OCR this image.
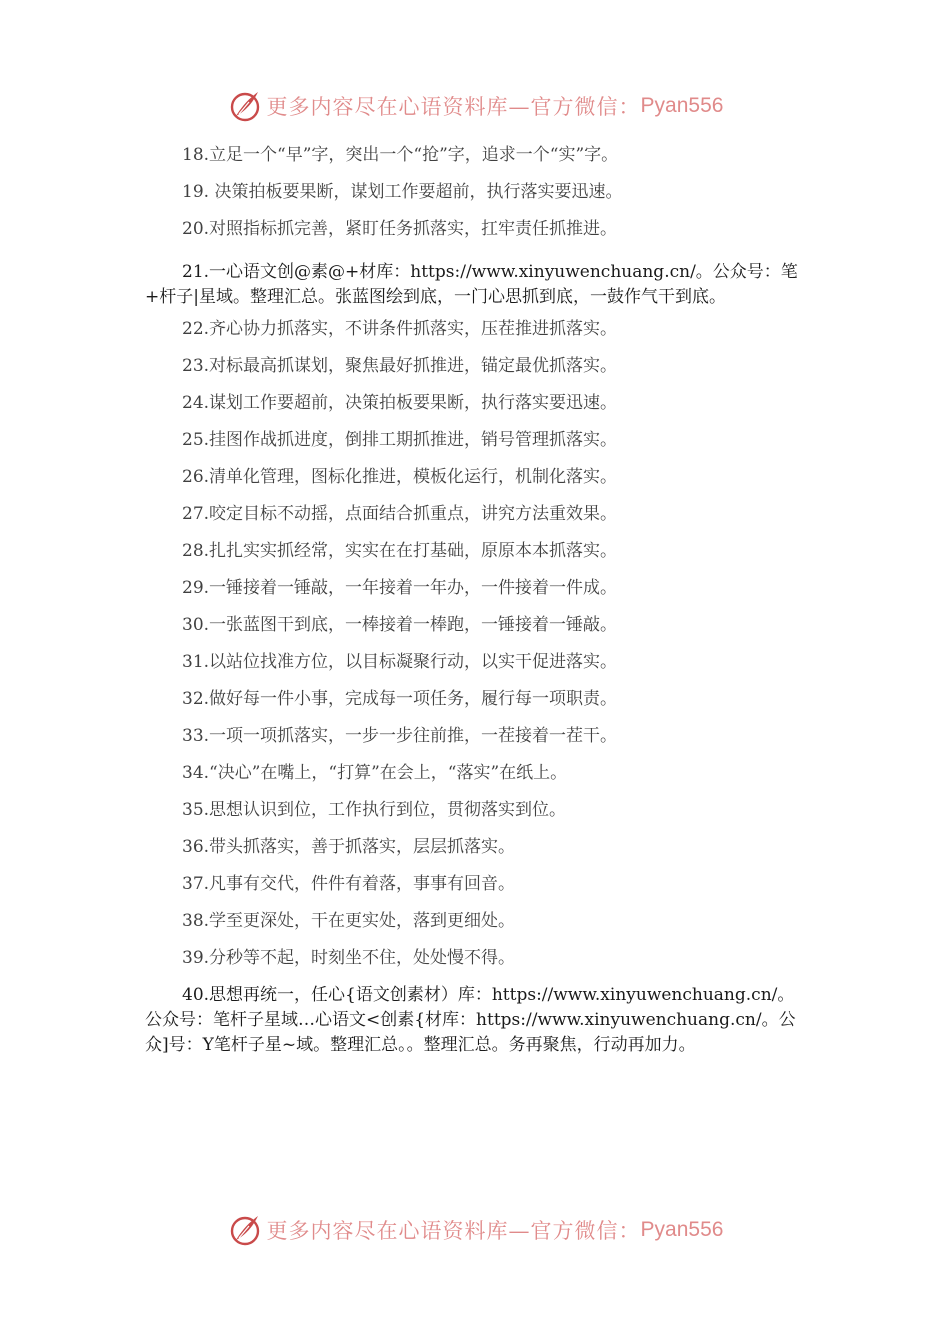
更多内容尽在心语资料库—官方微信： Pyan556
18.立足一个“早”字，突出一个“抢”字，追求一个“实”字。
19. 决策拍板要果断，谋划工作要超前，执行落实要迅速。
20.对照指标抓完善，紧盯任务抓落实，扛牢责任抓推进。

21.一心语文创@素@+材库：https://www.xinyuwenchuang.cn/。公众号：笔+杆子|星域。整理汇总。张蓝图绘到底，一门心思抓到底，一鼓作气干到底。

22.齐心协力抓落实，不讲条件抓落实，压茬推进抓落实。
23.对标最高抓谋划，聚焦最好抓推进，锚定最优抓落实。
24.谋划工作要超前，决策拍板要果断，执行落实要迅速。
25.挂图作战抓进度，倒排工期抓推进，销号管理抓落实。
26.清单化管理，图标化推进，模板化运行，机制化落实。
27.咬定目标不动摇，点面结合抓重点，讲究方法重效果。
28.扎扎实实抓经常，实实在在打基础，原原本本抓落实。
29.一锤接着一锤敲，一年接着一年办，一件接着一件成。
30.一张蓝图干到底，一棒接着一棒跑，一锤接着一锤敲。
31.以站位找准方位，以目标凝聚行动，以实干促进落实。
32.做好每一件小事，完成每一项任务，履行每一项职责。
33.一项一项抓落实，一步一步往前推，一茬接着一茬干。
34.“决心”在嘴上，“打算”在会上，“落实”在纸上。
35.思想认识到位，工作执行到位，贯彻落实到位。
36.带头抓落实，善于抓落实，层层抓落实。
37.凡事有交代，件件有着落，事事有回音。
38.学至更深处，干在更实处，落到更细处。
39.分秒等不起，时刻坐不住，处处慢不得。

40.思想再统一，任心{语文创素材）库：https://www.xinyuwenchuang.cn/。公众号：笔杆子星域…心语文<创素{材库：https://www.xinyuwenchuang.cn/。公众]号：Y笔杆子星~域。整理汇总。。整理汇总。务再聚焦，行动再加力。

更多内容尽在心语资料库—官方微信： Pyan556
